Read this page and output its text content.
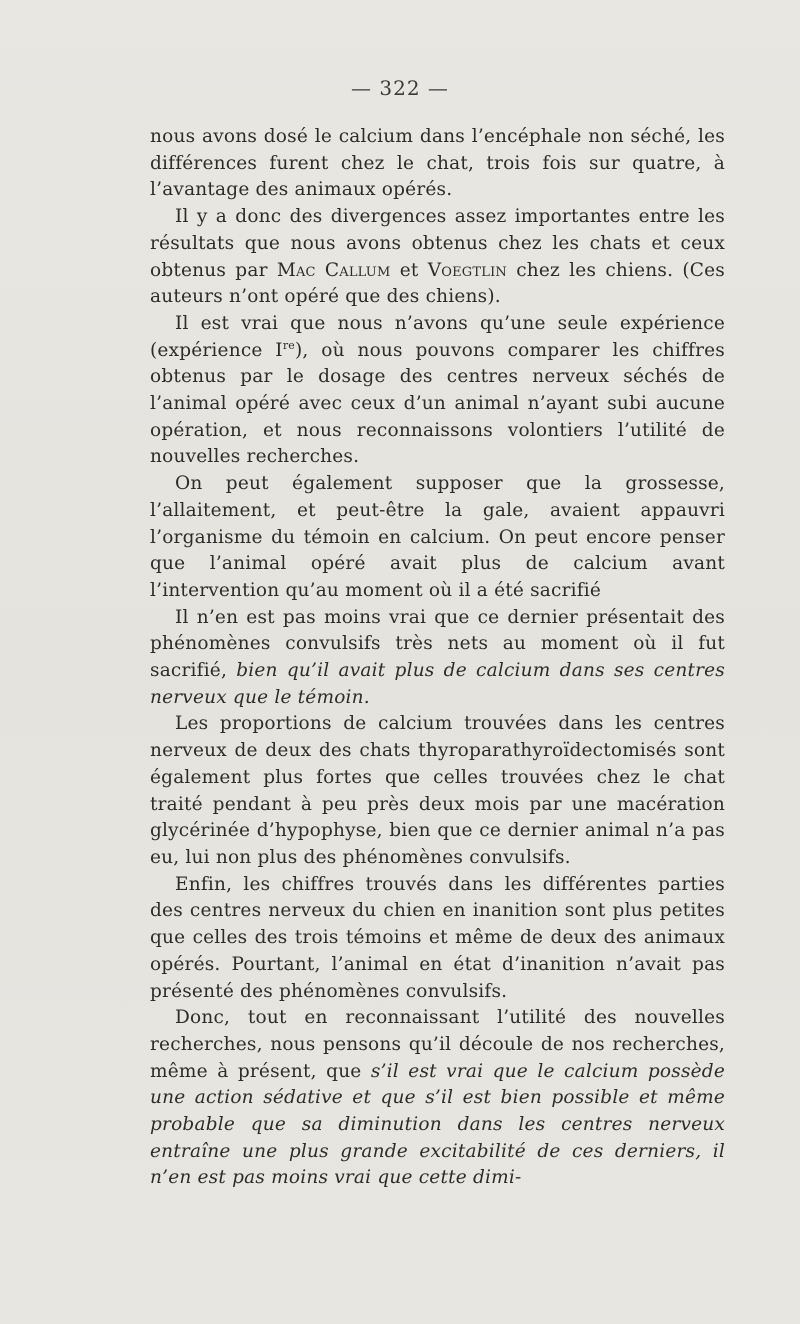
— 322 —

nous avons dosé le calcium dans l’encéphale non séché, les différences furent chez le chat, trois fois sur quatre, à l’avantage des animaux opérés.

Il y a donc des divergences assez importantes entre les résultats que nous avons obtenus chez les chats et ceux obtenus par Mac Callum et Voegtlin chez les chiens. (Ces auteurs n’ont opéré que des chiens).

Il est vrai que nous n’avons qu’une seule expérience (expérience Ire), où nous pouvons comparer les chiffres obtenus par le dosage des centres nerveux séchés de l’animal opéré avec ceux d’un animal n’ayant subi aucune opération, et nous reconnaissons volontiers l’utilité de nouvelles recherches.

On peut également supposer que la grossesse, l’allaitement, et peut-être la gale, avaient appauvri l’organisme du témoin en calcium. On peut encore penser que l’animal opéré avait plus de calcium avant l’intervention qu’au moment où il a été sacrifié

Il n’en est pas moins vrai que ce dernier présentait des phénomènes convulsifs très nets au moment où il fut sacrifié, bien qu’il avait plus de calcium dans ses centres nerveux que le témoin.

Les proportions de calcium trouvées dans les centres nerveux de deux des chats thyroparathyroïdectomisés sont également plus fortes que celles trouvées chez le chat traité pendant à peu près deux mois par une macération glycérinée d’hypophyse, bien que ce dernier animal n’a pas eu, lui non plus des phénomènes convulsifs.

Enfin, les chiffres trouvés dans les différentes parties des centres nerveux du chien en inanition sont plus petites que celles des trois témoins et même de deux des animaux opérés. Pourtant, l’animal en état d’inanition n’avait pas présenté des phénomènes convulsifs.

Donc, tout en reconnaissant l’utilité des nouvelles recherches, nous pensons qu’il découle de nos recherches, même à présent, que s’il est vrai que le calcium possède une action sédative et que s’il est bien possible et même probable que sa diminution dans les centres nerveux entraîne une plus grande excitabilité de ces derniers, il n’en est pas moins vrai que cette dimi-
